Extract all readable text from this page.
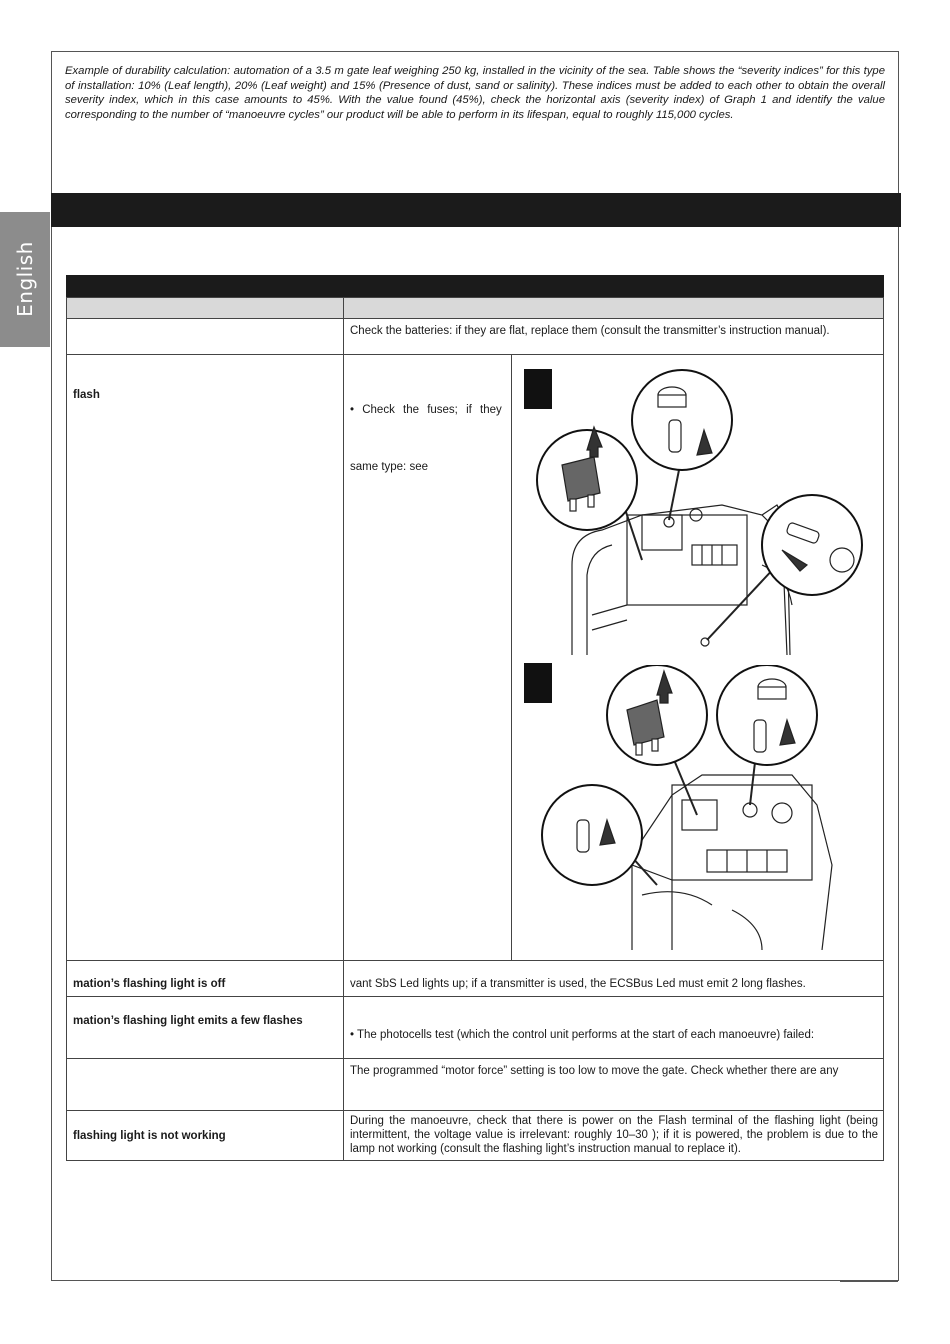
English

Example of durability calculation: automation of a 3.5 m gate leaf weighing 250 kg, installed in the vicinity of the sea. Table shows the “severity indices” for this type of installation: 10% (Leaf length), 20% (Leaf weight) and 15% (Presence of dust, sand or salinity). These indices must be added to each other to obtain the overall severity index, which in this case amounts to 45%. With the value found (45%), check the horizontal axis (severity index) of Graph 1 and identify the value corresponding to the number of “manoeuvre cycles” our product will be able to perform in its lifespan, equal to roughly 115,000 cycles.

Check the batteries: if they are flat, replace them (consult the transmitter’s instruction manual).
flash
• Check the fuses; if they
same type: see
mation’s flashing light is off	vant SbS Led lights up; if a transmitter is used, the ECSBus Led must emit 2 long flashes.
mation’s flashing light emits a few flashes
• The photocells test (which the control unit performs at the start of each manoeuvre) failed:
The programmed “motor force” setting is too low to move the gate. Check whether there are any
flashing light is not working
During the manoeuvre, check that there is power on the Flash terminal of the flashing light (being intermittent, the voltage value is irrelevant: roughly 10–30 ); if it is powered, the problem is due to the lamp not working (consult the flashing light’s instruction manual to replace it).
